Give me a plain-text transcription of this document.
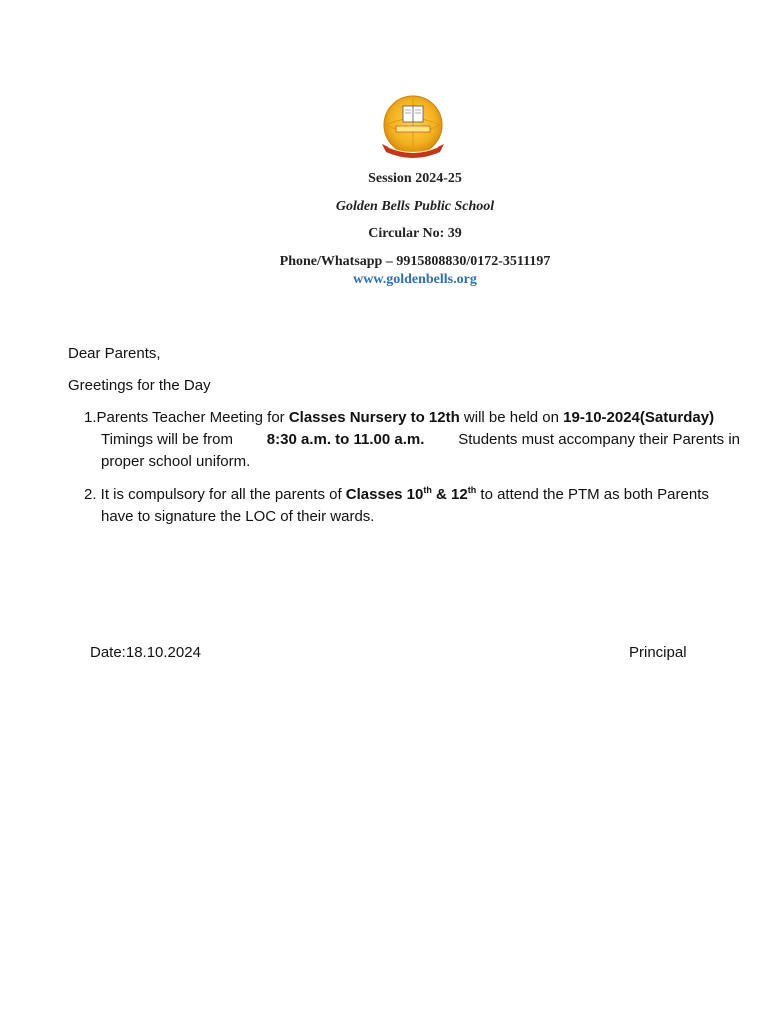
Session 2024-25
Golden Bells Public School
Circular No: 39
Phone/Whatsapp – 9915808830/0172-3511197
www.goldenbells.org
Dear Parents,
Greetings for the Day
1.Parents Teacher Meeting for Classes Nursery to 12th will be held on 19-10-2024(Saturday)
Timings will be from 8:30 a.m. to 11.00 a.m. Students must accompany their Parents in
proper school uniform.
2. It is compulsory for all the parents of Classes 10th & 12th to attend the PTM as both Parents
have to signature the LOC of their wards.
Date:18.10.2024	Principal
